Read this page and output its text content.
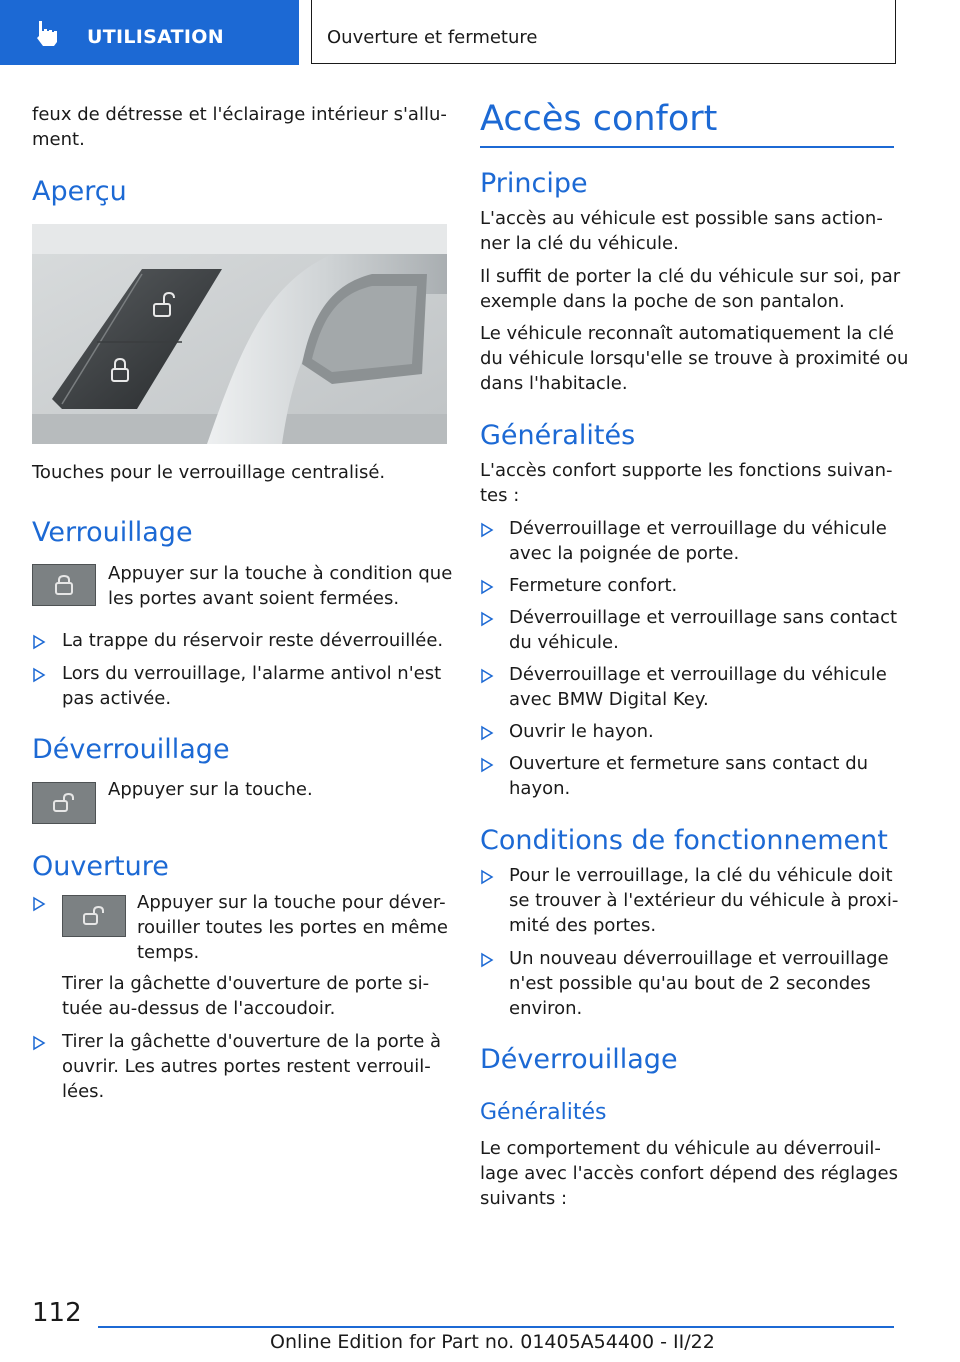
UTILISATION	Ouverture et fermeture
feux de détresse et l'éclairage intérieur s'allu-
ment.
Aperçu
Touches pour le verrouillage centralisé.
Verrouillage
Appuyer sur la touche à condition que
les portes avant soient fermées.
La trappe du réservoir reste déverrouillée.
Lors du verrouillage, l'alarme antivol n'est
pas activée.
Déverrouillage
Appuyer sur la touche.
Ouverture
Appuyer sur la touche pour déver-
rouiller toutes les portes en même
temps.
Tirer la gâchette d'ouverture de porte si-
tuée au-dessus de l'accoudoir.
Tirer la gâchette d'ouverture de la porte à
ouvrir. Les autres portes restent verrouil-
lées.
Accès confort
Principe
L'accès au véhicule est possible sans action-
ner la clé du véhicule.
Il suffit de porter la clé du véhicule sur soi, par
exemple dans la poche de son pantalon.
Le véhicule reconnaît automatiquement la clé
du véhicule lorsqu'elle se trouve à proximité ou
dans l'habitacle.
Généralités
L'accès confort supporte les fonctions suivan-
tes :
Déverrouillage et verrouillage du véhicule
avec la poignée de porte.
Fermeture confort.
Déverrouillage et verrouillage sans contact
du véhicule.
Déverrouillage et verrouillage du véhicule
avec BMW Digital Key.
Ouvrir le hayon.
Ouverture et fermeture sans contact du
hayon.
Conditions de fonctionnement
Pour le verrouillage, la clé du véhicule doit
se trouver à l'extérieur du véhicule à proxi-
mité des portes.
Un nouveau déverrouillage et verrouillage
n'est possible qu'au bout de 2 secondes
environ.
Déverrouillage
Généralités
Le comportement du véhicule au déverrouil-
lage avec l'accès confort dépend des réglages
suivants :
112
Online Edition for Part no. 01405A54400 - II/22
